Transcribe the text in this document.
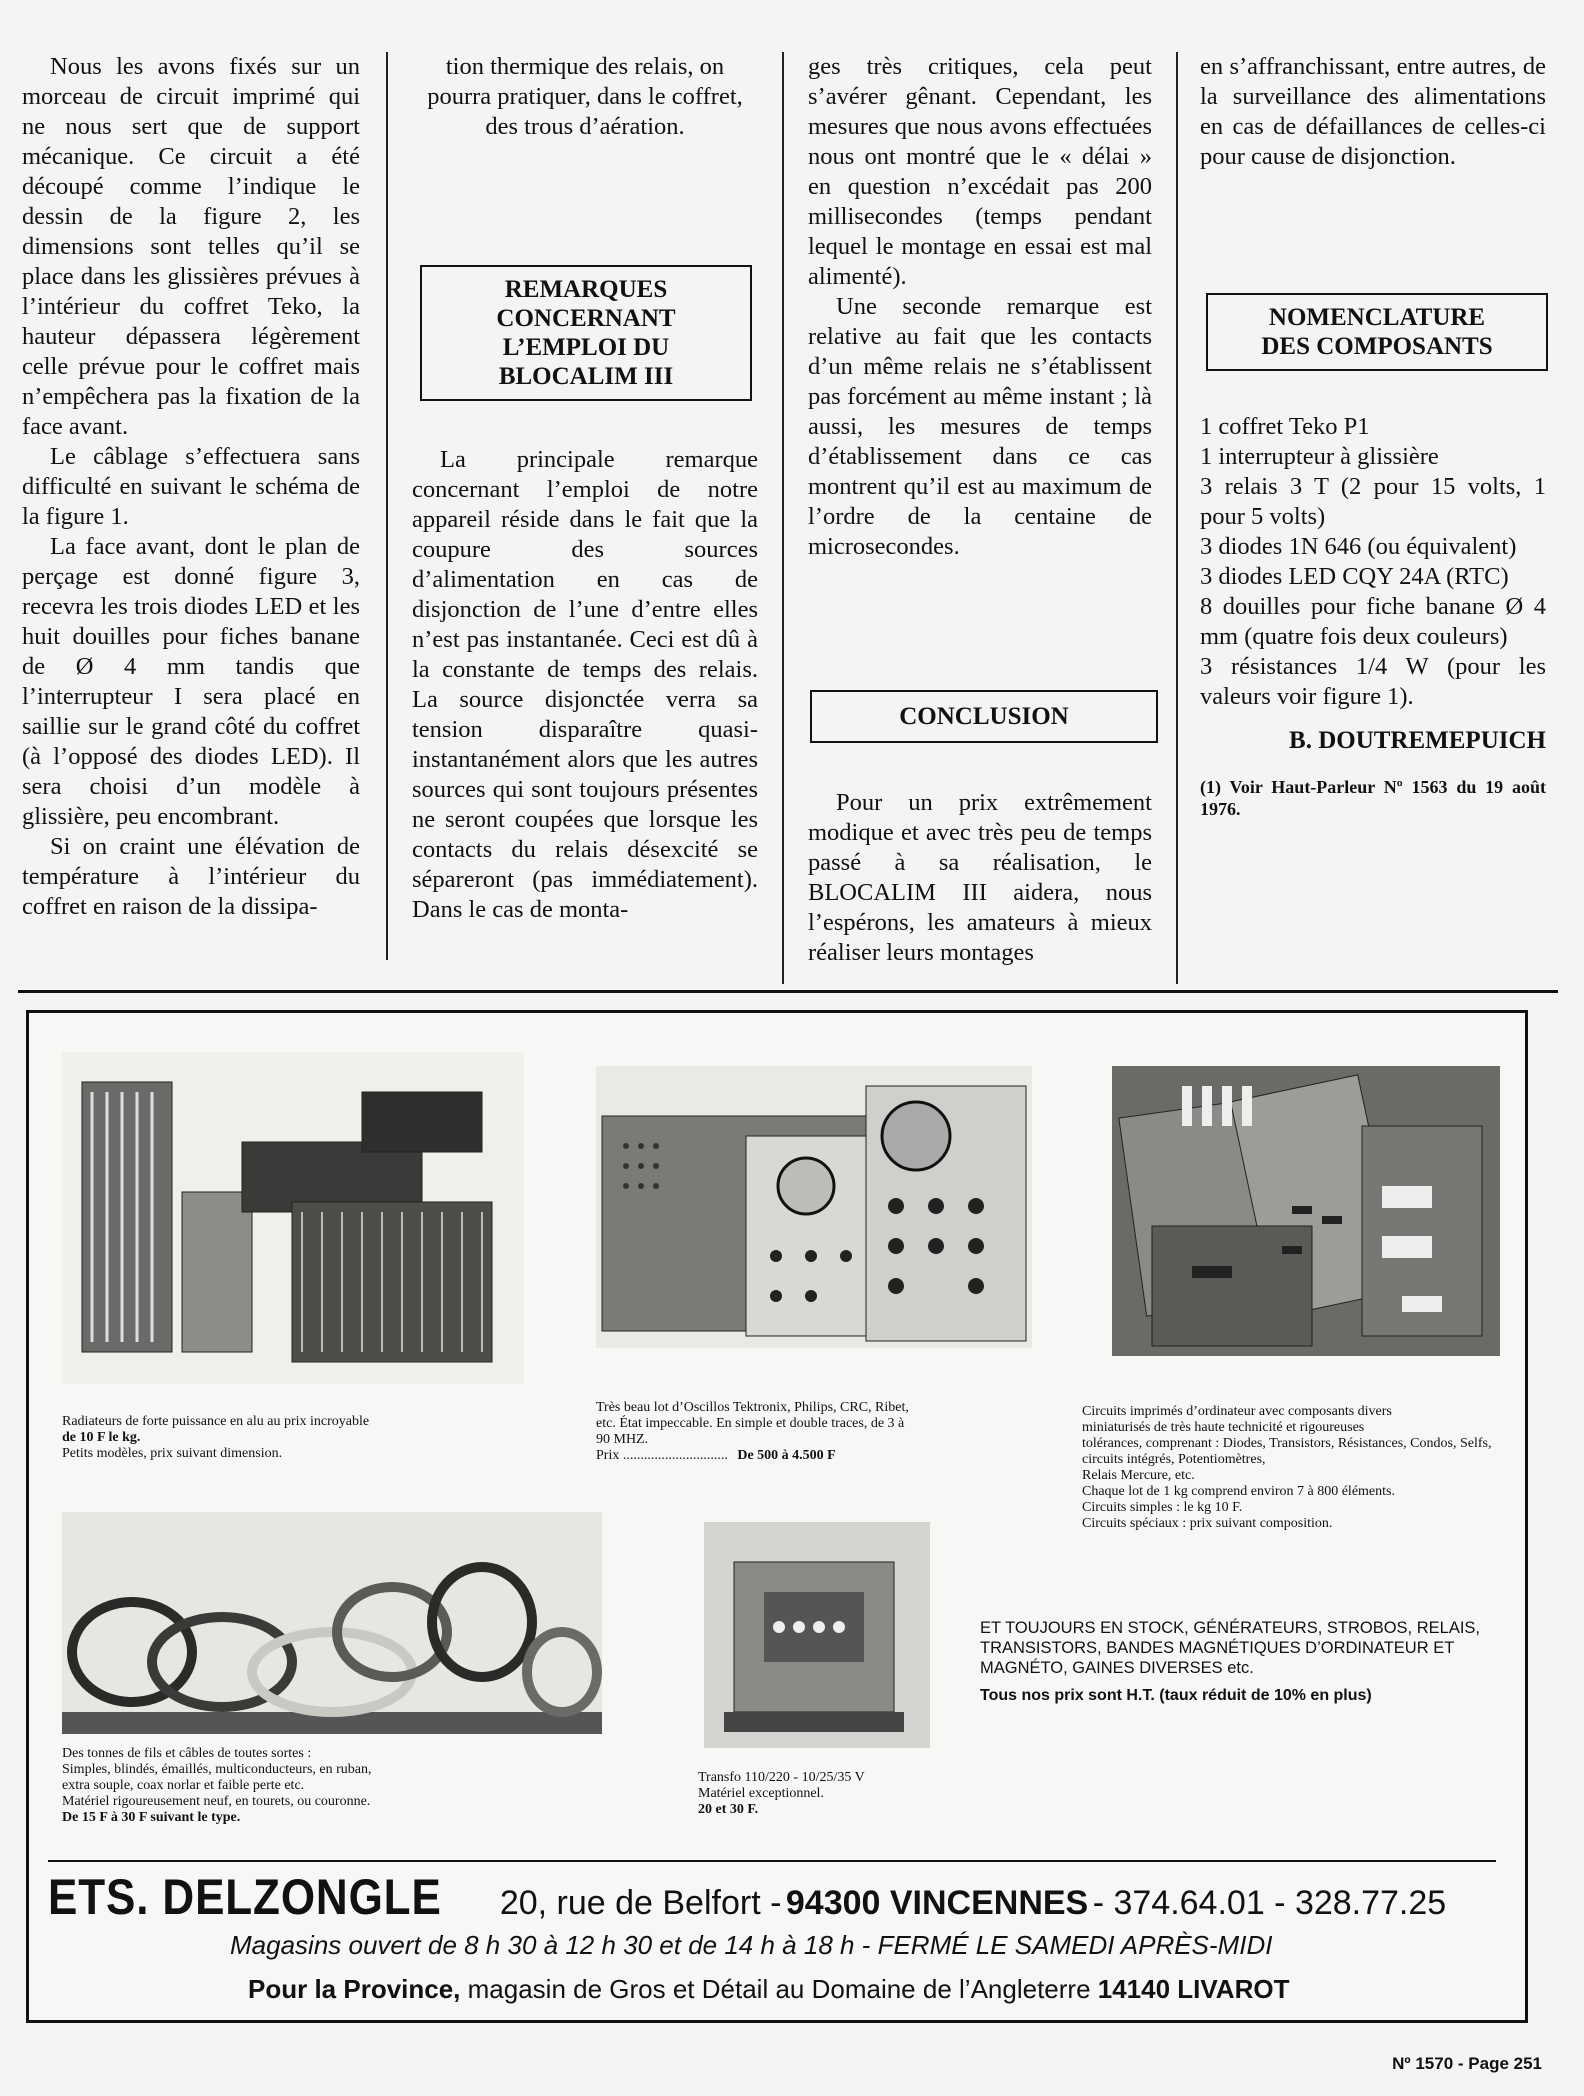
Nous les avons fixés sur un morceau de circuit imprimé qui ne nous sert que de support mécanique. Ce circuit a été découpé comme l’indique le dessin de la figure 2, les dimensions sont telles qu’il se place dans les glissières prévues à l’intérieur du coffret Teko, la hauteur dépassera légèrement celle prévue pour le coffret mais n’empêchera pas la fixation de la face avant.

Le câblage s’effectuera sans difficulté en suivant le schéma de la figure 1.

La face avant, dont le plan de perçage est donné figure 3, recevra les trois diodes LED et les huit douilles pour fiches banane de Ø 4 mm tandis que l’interrupteur I sera placé en saillie sur le grand côté du coffret (à l’opposé des diodes LED). Il sera choisi d’un modèle à glissière, peu encombrant.

Si on craint une élévation de température à l’intérieur du coffret en raison de la dissipa-

tion thermique des relais, on pourra pratiquer, dans le coffret, des trous d’aération.

REMARQUES
CONCERNANT
L’EMPLOI DU
BLOCALIM III

La principale remarque concernant l’emploi de notre appareil réside dans le fait que la coupure des sources d’alimentation en cas de disjonction de l’une d’entre elles n’est pas instantanée. Ceci est dû à la constante de temps des relais. La source disjonctée verra sa tension disparaître quasi-instantanément alors que les autres sources qui sont toujours présentes ne seront coupées que lorsque les contacts du relais désexcité se sépareront (pas immédiatement). Dans le cas de monta-

ges très critiques, cela peut s’avérer gênant. Cependant, les mesures que nous avons effectuées nous ont montré que le « délai » en question n’excédait pas 200 millisecondes (temps pendant lequel le montage en essai est mal alimenté).

Une seconde remarque est relative au fait que les contacts d’un même relais ne s’établissent pas forcément au même instant ; là aussi, les mesures de temps d’établissement dans ce cas montrent qu’il est au maximum de l’ordre de la centaine de microsecondes.

CONCLUSION

Pour un prix extrêmement modique et avec très peu de temps passé à sa réalisation, le BLOCALIM III aidera, nous l’espérons, les amateurs à mieux réaliser leurs montages

en s’affranchissant, entre autres, de la surveillance des alimentations en cas de défaillances de celles-ci pour cause de disjonction.

NOMENCLATURE
DES COMPOSANTS

1 coffret Teko P1

1 interrupteur à glissière

3 relais 3 T (2 pour 15 volts, 1 pour 5 volts)

3 diodes 1N 646 (ou équivalent)

3 diodes LED CQY 24A (RTC)

8 douilles pour fiche banane Ø 4 mm (quatre fois deux couleurs)

3 résistances 1/4 W (pour les valeurs voir figure 1).

B. DOUTREMEPUICH
(1) Voir Haut-Parleur Nº 1563 du 19 août 1976.
Radiateurs de forte puissance en alu au prix incroyable
de 10 F le kg.
Petits modèles, prix suivant dimension.
Très beau lot d’Oscillos Tektronix, Philips, CRC, Ribet,
etc. État impeccable. En simple et double traces, de 3 à
90 MHZ.
Prix .............................. De 500 à 4.500 F
Circuits imprimés d’ordinateur avec composants divers
miniaturisés de très haute technicité et rigoureuses
tolérances, comprenant : Diodes, Transistors, Résistances, Condos, Selfs, circuits intégrés, Potentiomètres,
Relais Mercure, etc.
Chaque lot de 1 kg comprend environ 7 à 800 éléments.
Circuits simples : le kg 10 F.
Circuits spéciaux : prix suivant composition.
Des tonnes de fils et câbles de toutes sortes :
Simples, blindés, émaillés, multiconducteurs, en ruban,
extra souple, coax norlar et faible perte etc.
Matériel rigoureusement neuf, en tourets, ou couronne.
De 15 F à 30 F suivant le type.
Transfo 110/220 - 10/25/35 V
Matériel exceptionnel.
20 et 30 F.
ET TOUJOURS EN STOCK, GÉNÉRATEURS, STROBOS, RELAIS, TRANSISTORS, BANDES MAGNÉTIQUES D’ORDINATEUR ET MAGNÉTO, GAINES DIVERSES etc.
Tous nos prix sont H.T. (taux réduit de 10% en plus)
ETS. DELZONGLE 20, rue de Belfort - 94300 VINCENNES - 374.64.01 - 328.77.25
Magasins ouvert de 8 h 30 à 12 h 30 et de 14 h à 18 h - FERMÉ LE SAMEDI APRÈS-MIDI
Pour la Province, magasin de Gros et Détail au Domaine de l’Angleterre 14140 LIVAROT
Nº 1570 - Page 251
